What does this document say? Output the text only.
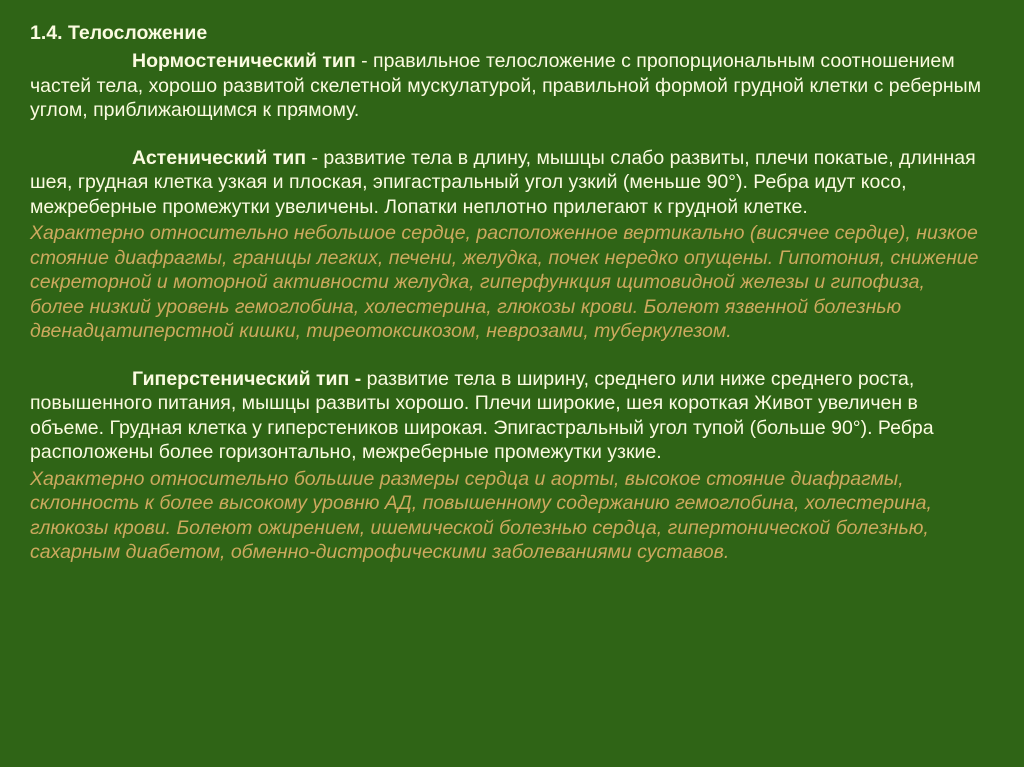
1.4. Телосложение

Нормостенический тип - правильное телосложение с пропорциональным соотношением частей тела, хорошо развитой скелетной мускулатурой, правильной формой грудной клетки с реберным углом, приближающимся к прямому.

Астенический тип - развитие тела в длину, мышцы слабо развиты, плечи покатые, длинная шея, грудная клетка узкая и плоская, эпигастральный угол узкий (меньше 90°). Ребра идут косо, межреберные промежутки увеличены. Лопатки неплотно прилегают к грудной клетке.

Характерно относительно небольшое сердце, расположенное вертикально (висячее сердце), низкое стояние диафрагмы, границы легких, печени, желудка, почек нередко опущены. Гипотония, снижение секреторной и моторной активности желудка, гиперфункция щитовидной железы и гипофиза, более низкий уровень гемоглобина, холестерина, глюкозы крови. Болеют язвенной болезнью двенадцатиперстной кишки, тиреотоксикозом, неврозами, туберкулезом.

Гиперстенический тип - развитие тела в ширину, среднего или ниже среднего роста, повышенного питания, мышцы развиты хорошо. Плечи широкие, шея короткая Живот увеличен в объеме. Грудная клетка у гиперстеников широкая. Эпигастральный угол тупой (больше 90°). Ребра расположены более горизонтально, межреберные промежутки узкие.

Характерно относительно большие размеры сердца и аорты, высокое стояние диафрагмы, склонность к более высокому уровню АД, повышенному содержанию гемоглобина, холестерина, глюкозы крови. Болеют ожирением, ишемической болезнью сердца, гипертонической болезнью, сахарным диабетом, обменно-дистрофическими заболеваниями суставов.
